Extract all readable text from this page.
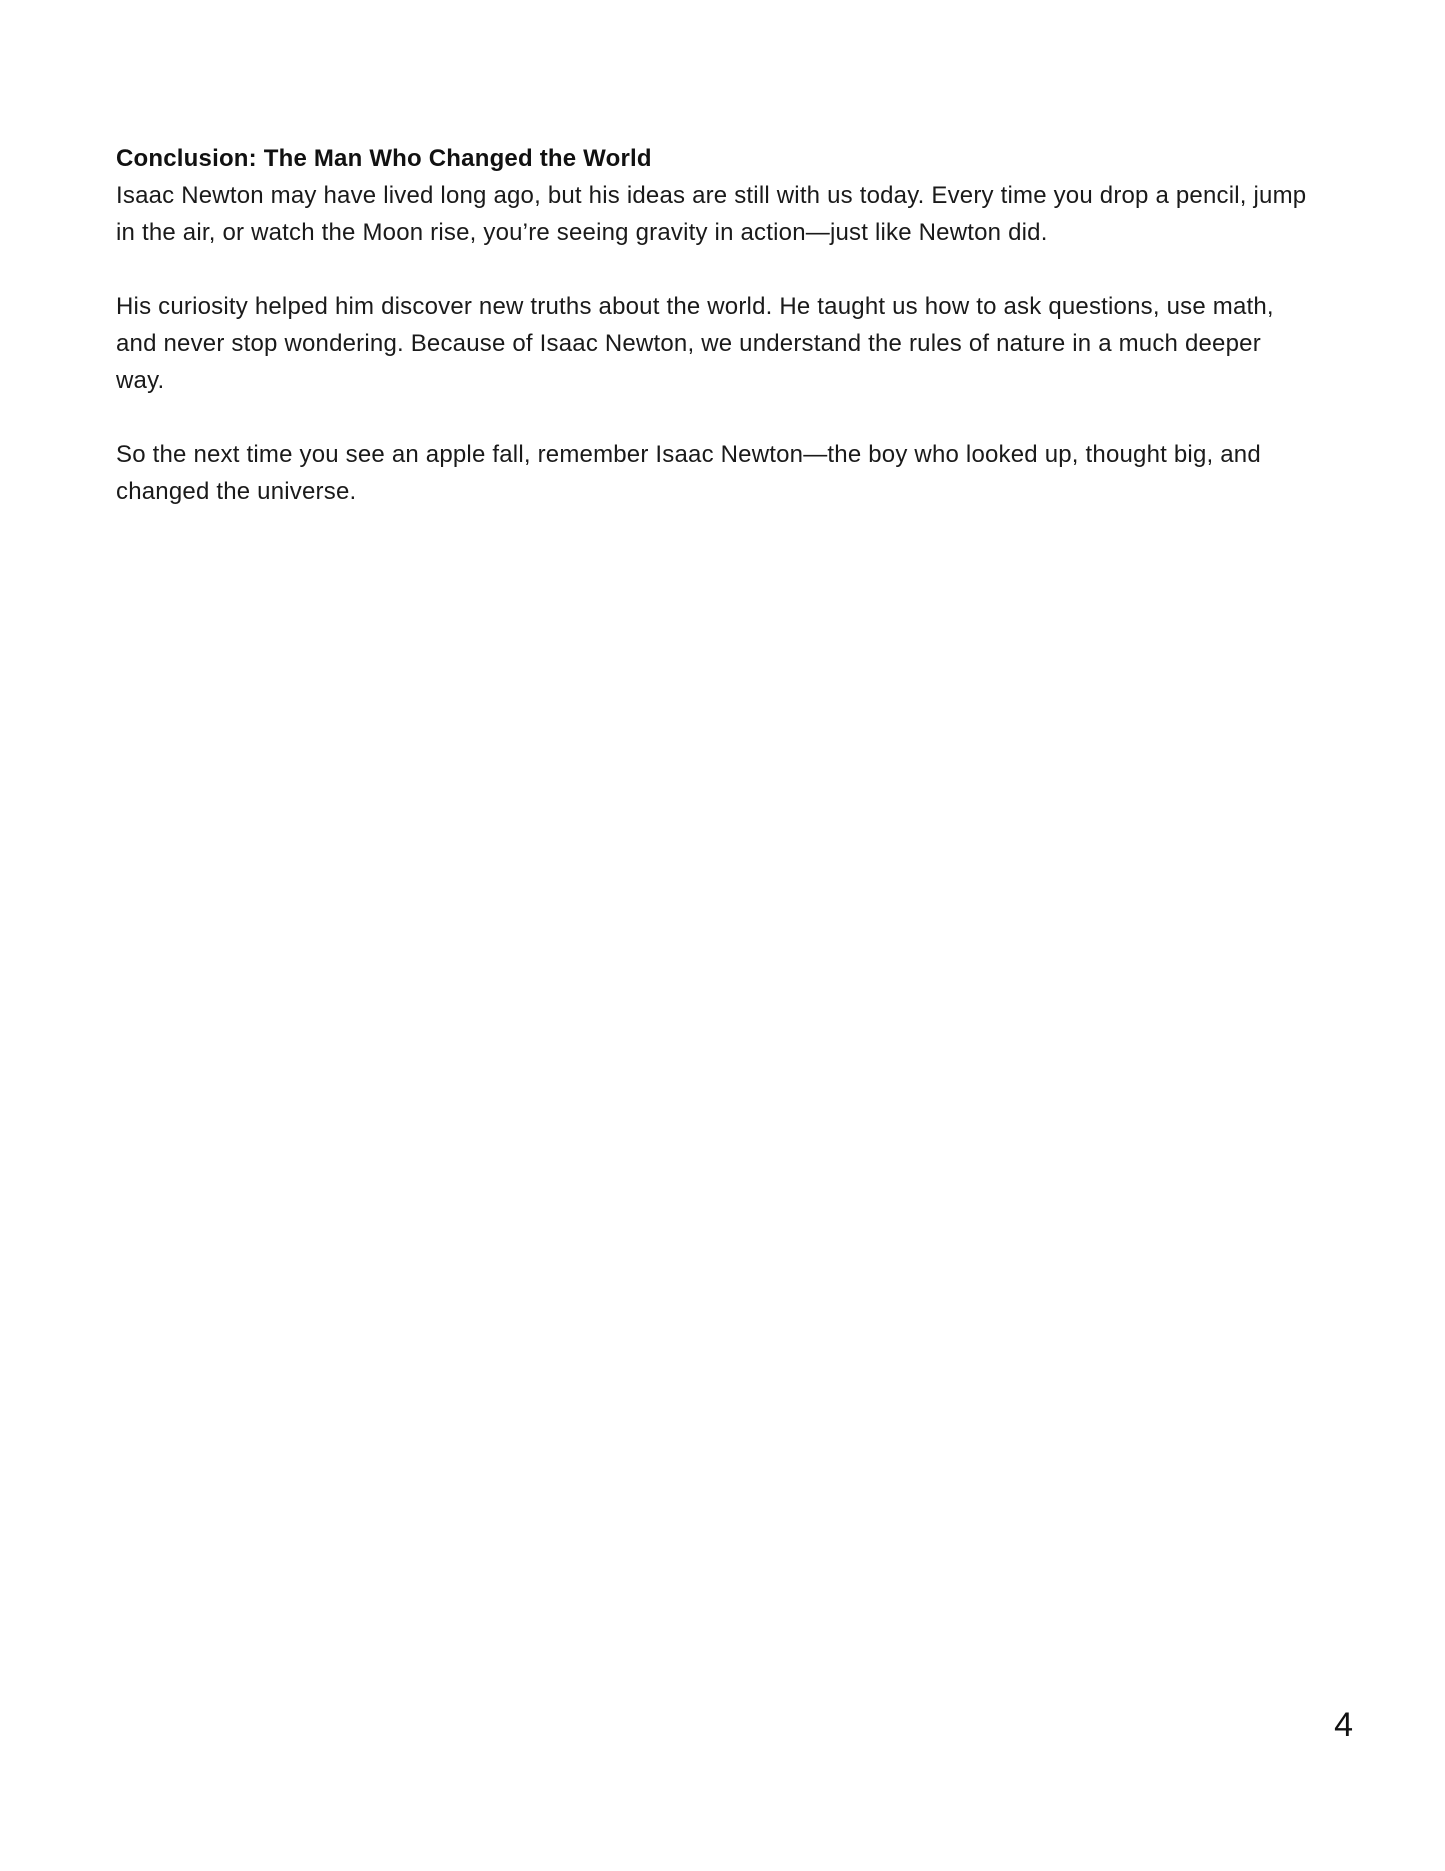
Conclusion: The Man Who Changed the World

Isaac Newton may have lived long ago, but his ideas are still with us today. Every time you drop a pencil, jump in the air, or watch the Moon rise, you’re seeing gravity in action—just like Newton did.

His curiosity helped him discover new truths about the world. He taught us how to ask questions, use math, and never stop wondering. Because of Isaac Newton, we understand the rules of nature in a much deeper way.

So the next time you see an apple fall, remember Isaac Newton—the boy who looked up, thought big, and changed the universe.

4
